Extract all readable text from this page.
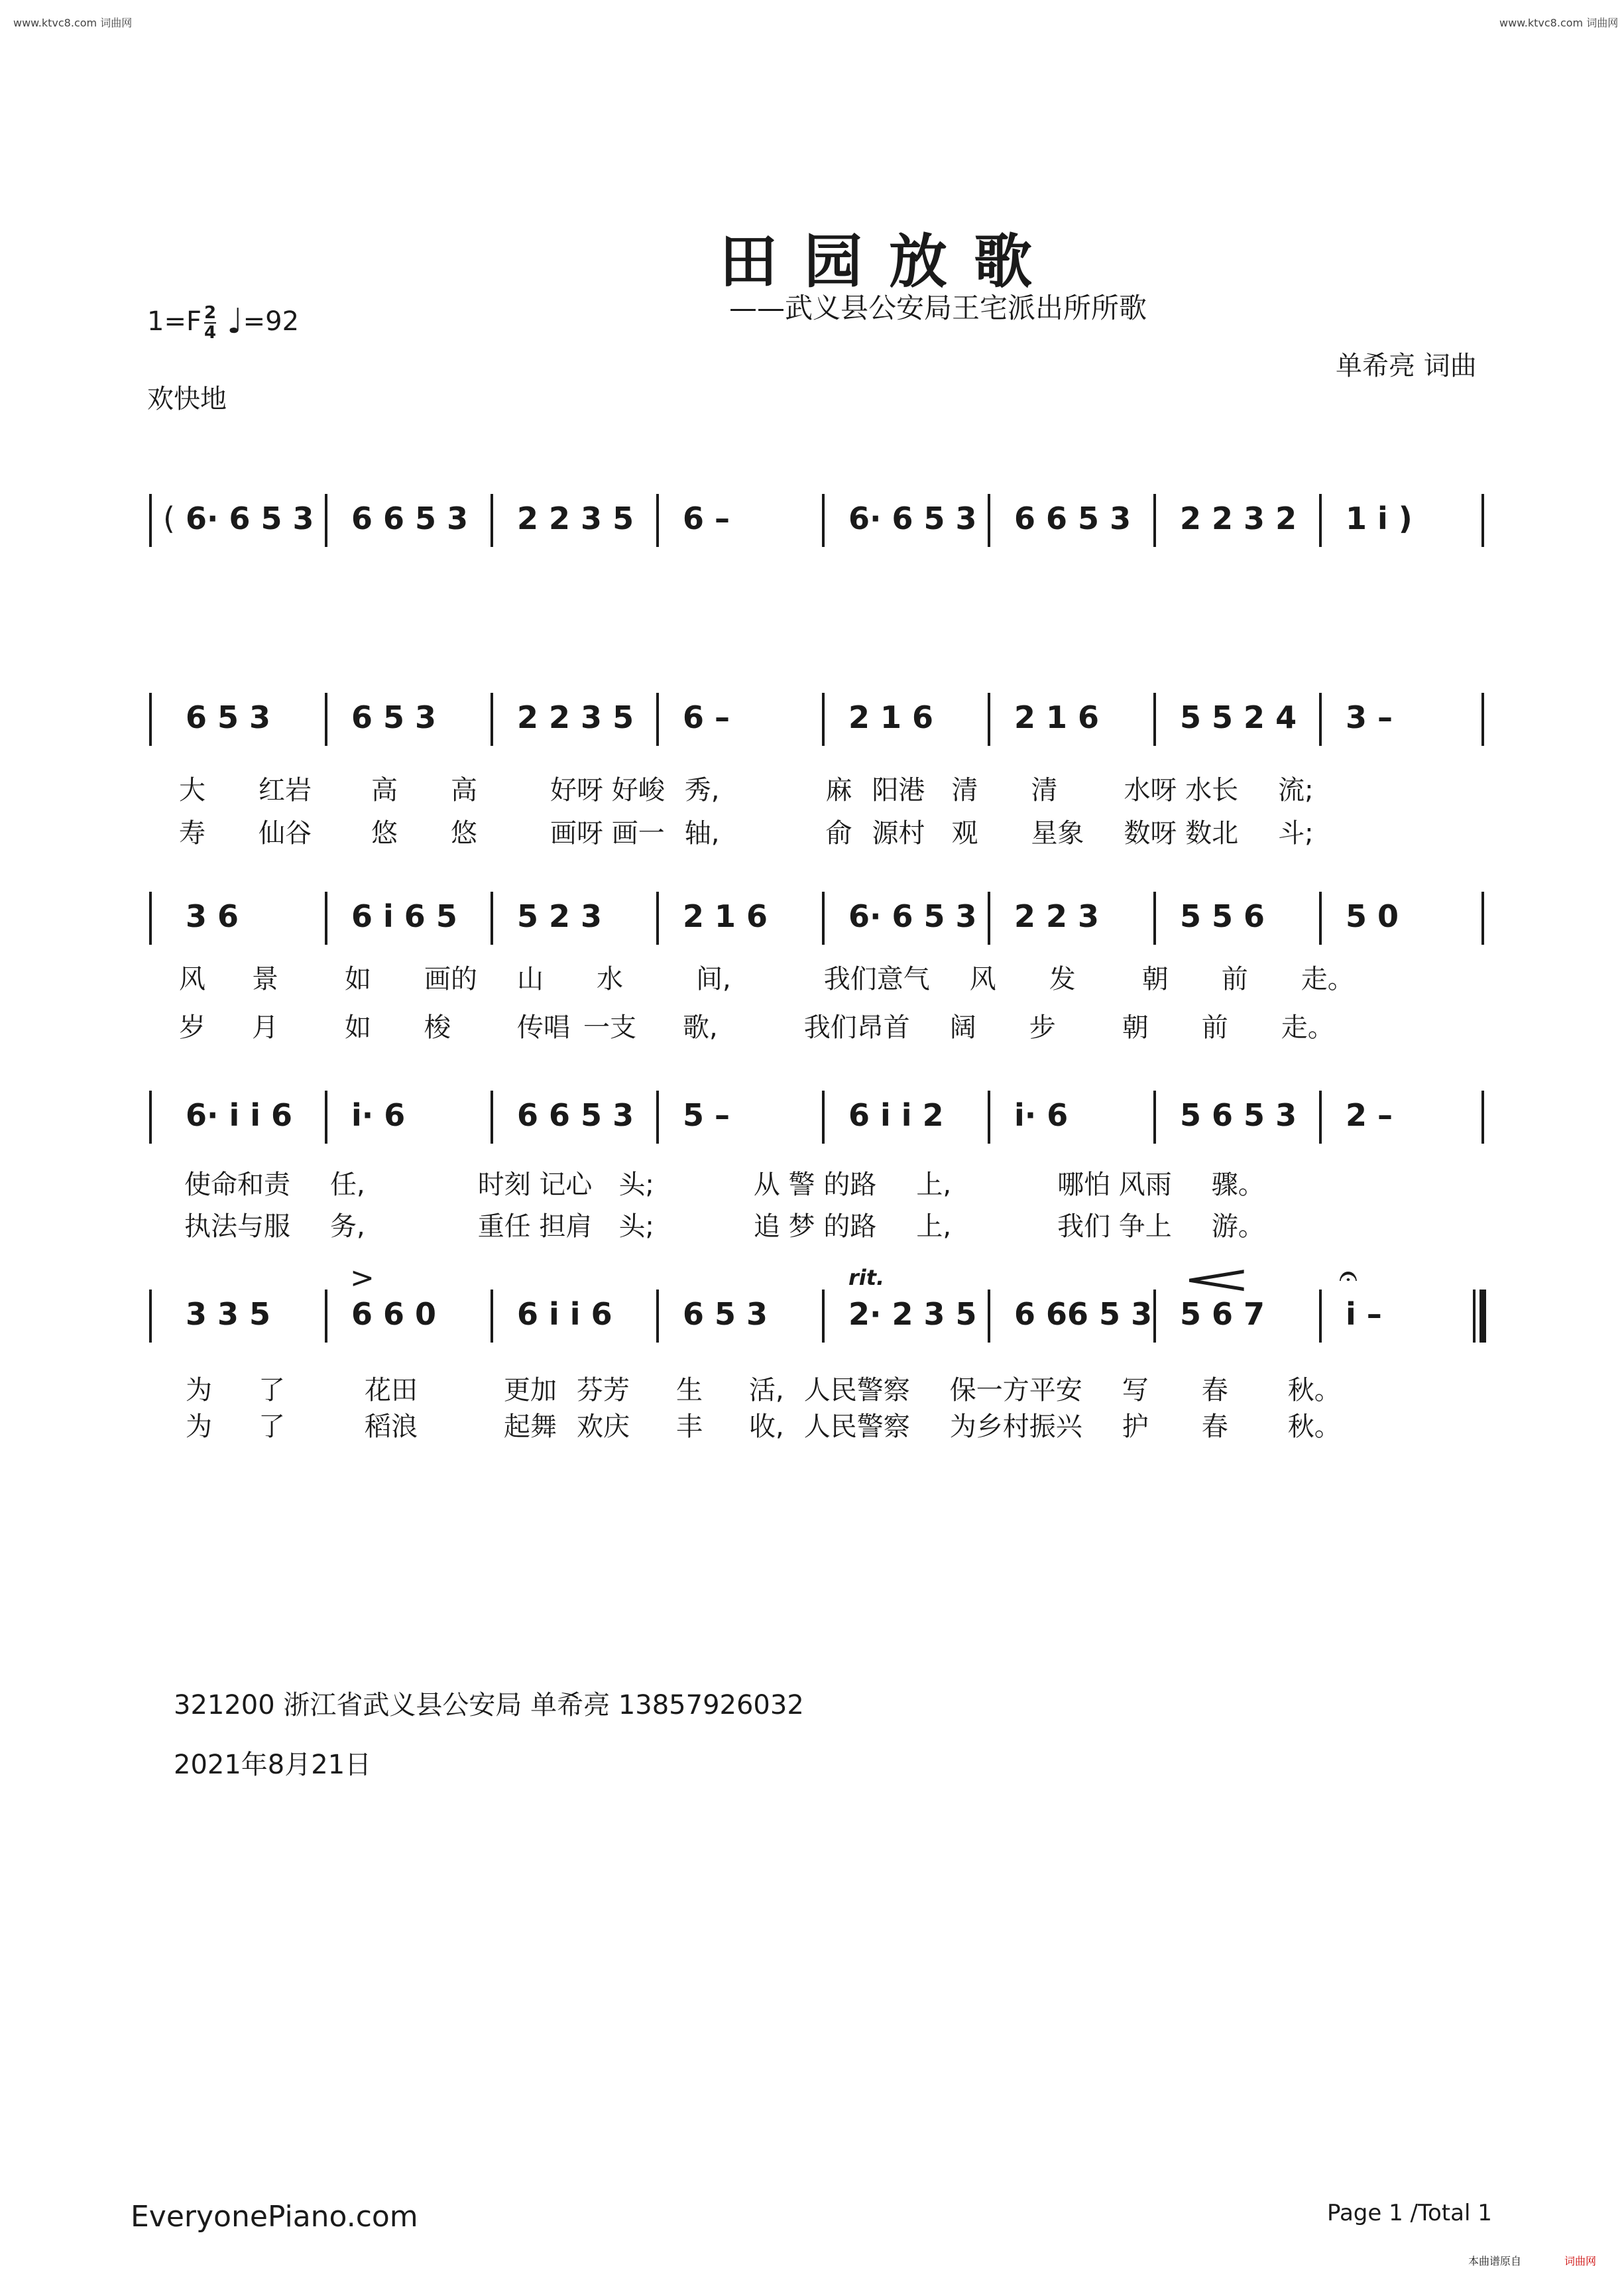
www.ktvc8.com 词曲网	www.ktvc8.com 词曲网
田园放歌
——武义县公安局王宅派出所所歌
$1=F \frac{2}{4}$ ♩=92
欢快地
单希亮 词曲
( 6· 6 5 3 6 6 5 3 2 2 3 5 6 –	6· 6 5 3 6 6 5 3 2 2 3 2 1 i )
6 5 3	6 5 3	2 2 3 5 6 –	2 1 6	2 1 6	5 5 2 4 3 –
大 红岩 高 高	好呀 好峻 秀,	麻 阳港 清 清	水呀 水长 流;
寿 仙谷 悠 悠	画呀 画一 轴,	俞 源村 观 星象 数呀 数北 斗;
3 6	6 i 6 5 5 2 3	2 1 6	6· 6 5 3 2 2 3	5 5 6	5 0
风 景	如 画的 山 水	间,	我们意气 风 发	朝 前 走。
岁 月	如 梭	传唱 一支 歌,	我们昂首 阔 步	朝 前 走。
6· i i 6 i· 6	6 6 5 3 5 –	6 i i 2 i· 6	5 6 5 3 2 –
使命和责 任,	时刻 记心 头;	从 警 的路 上,	哪怕 风雨 骤。
执法与服 务,	重任 担肩 头;	追 梦 的路 上,	我们 争上 游。
>	rit.	<	𝄐
3 3 5	6 6 0	6 i i 6 6 5 3	2· 2 3 5 6 66 5 3 5 6 7	i –
为 了	花田	更加 芬芳 生 活, 人民警察 保一方平安 写 春 秋。
为 了	稻浪	起舞 欢庆 丰 收, 人民警察 为乡村振兴 护 春 秋。
321200 浙江省武义县公安局 单希亮 13857926032
2021年8月21日
EveryonePiano.com	Page 1 /Total 1
本曲谱原自	词曲网
